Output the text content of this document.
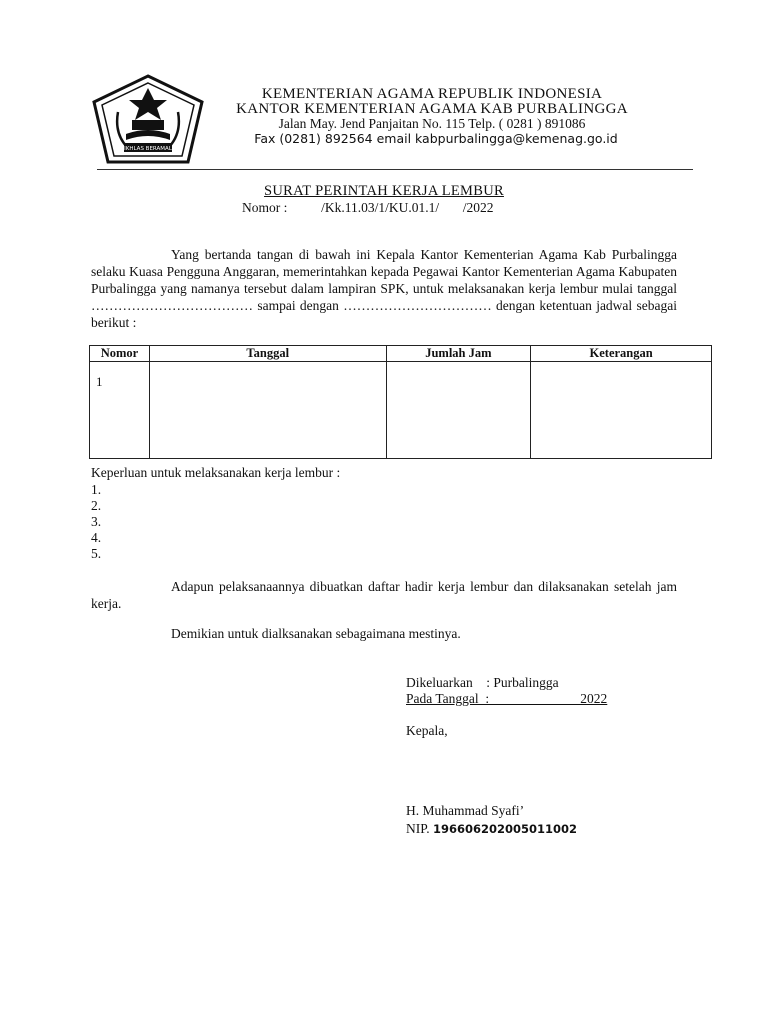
IKHLAS BERAMAL
KEMENTERIAN AGAMA REPUBLIK INDONESIA
KANTOR KEMENTERIAN AGAMA KAB PURBALINGGA
Jalan May. Jend Panjaitan No. 115 Telp. ( 0281 ) 891086
Fax (0281) 892564 email kabpurbalingga@kemenag.go.id
SURAT PERINTAH KERJA LEMBUR
Nomor :          /Kk.11.03/1/KU.01.1/       /2022
Yang bertanda tangan di bawah ini Kepala Kantor Kementerian Agama Kab Purbalingga selaku Kuasa Pengguna Anggaran, memerintahkan kepada Pegawai Kantor Kementerian Agama Kabupaten Purbalingga yang namanya tersebut dalam lampiran SPK, untuk melaksanakan kerja lembur mulai tanggal ……………………………… sampai dengan …………………………… dengan ketentuan jadwal sebagai berikut :
Nomor	Tanggal	Jumlah Jam	Keterangan
1			
Keperluan untuk melaksanakan kerja lembur :
1.
2.
3.
4.
5.
Adapun pelaksanaannya dibuatkan daftar hadir kerja lembur dan dilaksanakan setelah jam kerja.
Demikian untuk dialksanakan sebagaimana mestinya.
Dikeluarkan    : Purbalingga
Pada Tanggal  :                           2022
Kepala,
H. Muhammad Syafi’
NIP. 196606202005011002
